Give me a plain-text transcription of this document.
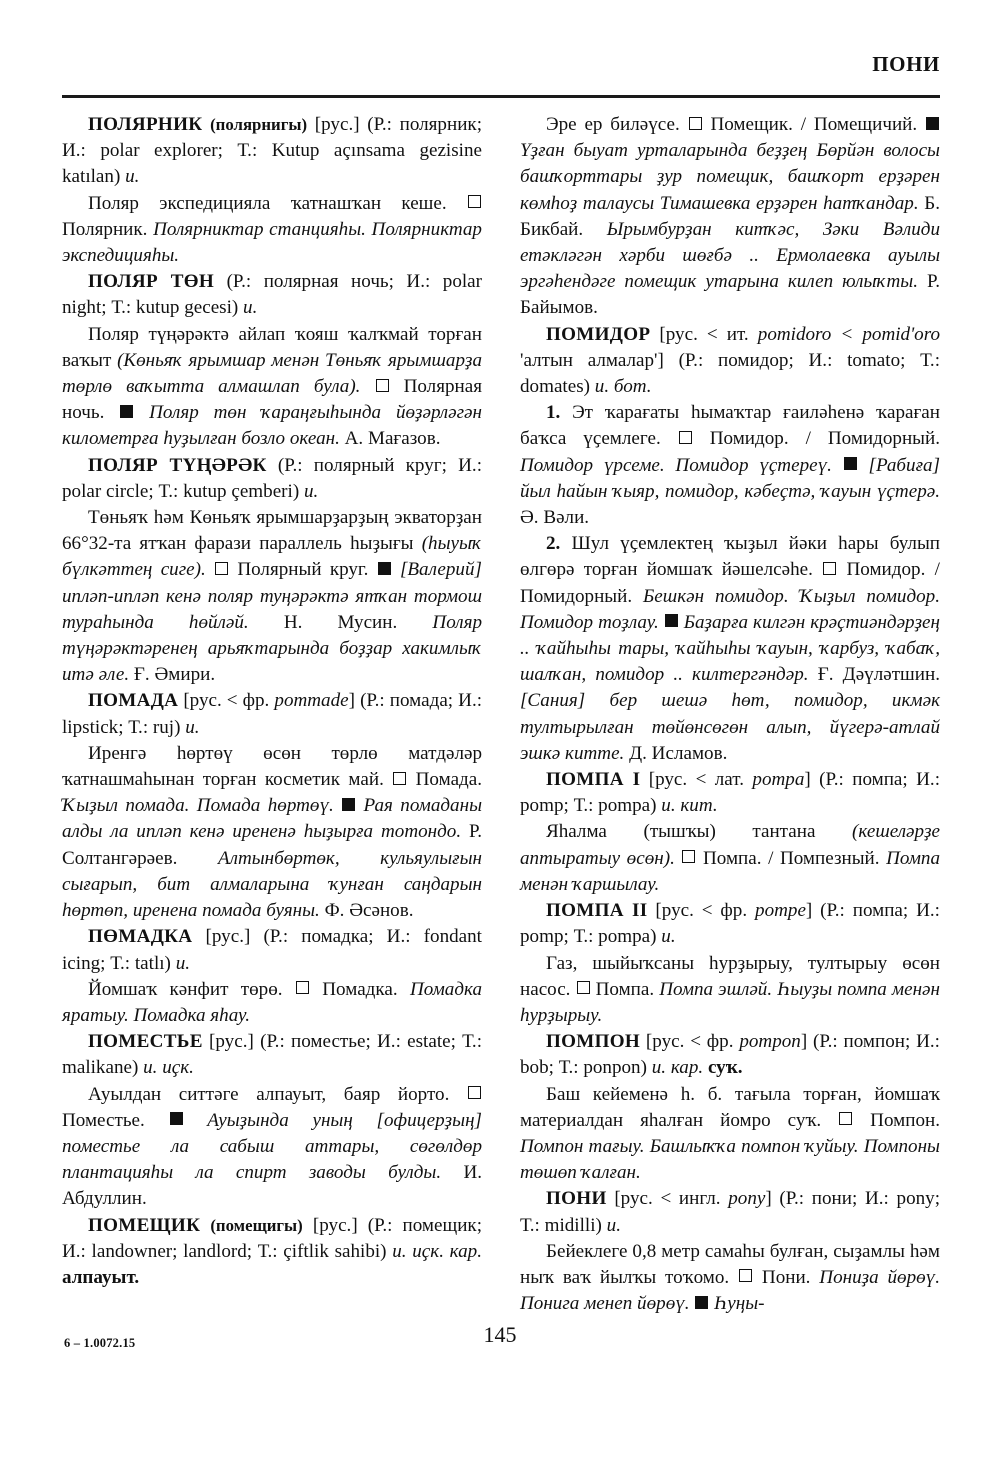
ПОНИ

ПОЛЯРНИК (полярнигы) [рус.] (Р.: полярник; И.: polar explorer; Т.: Kutup açınsama gezisine katılan) и.

Поляр экспедицияла ҡатнашҡан кеше.  Полярник. Полярниктар станцияһы. Полярниктар экспедицияһы.

ПОЛЯР ТӨН (Р.: полярная ночь; И.: polar night; Т.: kutup gecesi) и.

Поляр түңәрәктә айлап ҡояш ҡалҡмай торған ваҡыт (Көньяҡ ярымшар менән Төньяҡ ярымшарҙа төрлө ваҡытта алмашлап була). Полярная ночь. Поляр төн ҡараңғыһында йөҙәрләгән километрға һуҙылған бозло океан. А. Мағазов.

ПОЛЯР ТҮҢӘРӘК (Р.: полярный круг; И.: polar circle; Т.: kutup çemberi) и.

Төньяҡ һәм Көньяҡ ярымшарҙарҙың экваторҙан 66°32-та ятҡан фарази параллель һыҙығы (һыуыҡ бүлкәттең сиге). Полярный круг. [Валерий] ипләп-ипләп кенә поляр туңәрәктә ятҡан тормош тураһында һөйләй. Н. Мусин. Поляр түңәрәктәренең арьяҡтарында боҙҙар хакимлыҡ итә әле. Ғ. Әмири.

ПОМАДА [рус. < фр. pommade] (Р.: помада; И.: lipstick; Т.: ruj) и.

Иренгә һөртөү өсөн төрлө матдәләр ҡатнашмаһынан торған косметик май. Помада. Ҡыҙыл помада. Помада һөртөү. Рая помаданы алды ла ипләп кенә ирененә һыҙырға тотондо. Р. Солтангәрәев. Алтынбөртөк, кульяулығын сығарып, бит алмаларына ҡунған саңдарын һөртөп, иренена помада буяны. Ф. Әсәнов.

ПӨМАДКА [рус.] (Р.: помадка; И.: fondant icing; Т.: tatlı) и.

Йомшаҡ кәнфит төрө. Помадка. Помадка яратыу. Помадка яһау.

ПОМЕСТЬЕ [рус.] (Р.: поместье; И.: estate; Т.: malikane) и. иҫк.

Ауылдан ситтәге алпауыт, баяр йорто.  Поместье.	Ауыҙында уның [офицерҙың] поместье ла сабыш аттары, сөгөлдөр плантацияһы ла спирт заводы булды. И. Абдуллин.

ПОМЕЩИК (помещигы) [рус.] (Р.: помещик; И.: landowner; landlord; Т.: çiftlik sahibi) и. иҫк. кар. алпауыт.

Эре ер биләүсе. Помещик. / Помещичий.  Үҙған быуат урталарында беҙҙең Бөрйән волосы башҡорттары ҙур помещик, башҡорт ерҙәрен көмһоҙ талаусы Тимашевка ерҙәрен һатҡандар. Б. Бикбай. Ырымбурҙан китҡәс, Зәки Вәлиди етәкләгән хәрби шөғбә .. Ермолаевка ауылы эргәһендәге помещик утарына килеп юлыҡты. Р. Байымов.

ПОМИДОР [рус. < ит. pomidoro < pomid'oro 'алтын алмалар'] (Р.: помидор; И.: tomato; Т.: domates) и. бот.

1. Эт ҡарағаты һымаҡтар ғаиләһенә ҡараған баҡса үҫемлеге.	Помидор. / Помидорный. Помидор үрсеме. Помидор үҫтереү. [Рабиға] йыл һайын ҡыяр, помидор, кәбеҫтә, ҡауын үҫтерә. Ә. Вәли.

2. Шул үҫемлектең ҡыҙыл йәки һары булып өлгөрә торған йомшаҡ йәшелсәһе. Помидор. / Помидорный. Бешкән помидор. Ҡыҙыл помидор. Помидор тоҙлау. Баҙарға килгән крәҫтиәндәрҙең .. ҡайһыһы тары, ҡайһыһы ҡауын, ҡарбуз, ҡабаҡ, шалҡан, помидор .. килтергәндәр. Ғ. Дәүләтшин. [Сания] бер шешә һөт, помидор, икмәк тултырылған төйөнсөгөн алып, йүгерә-атлай эшкә китте. Д. Исламов.

ПОМПА I [рус. < лат. pompa] (Р.: помпа; И.: pomp; Т.: pompa) и. кит.

Яһалма (тышҡы) тантана (кешеләрҙе аптыратыу өсөн). Помпа. / Помпезный. Помпа менән ҡаршылау.

ПОМПА II [рус. < фр. pompe] (Р.: помпа; И.: pomp; Т.: pompa) и.

Газ, шыйыҡсаны һурҙырыу, тултырыу өсөн насос. Помпа. Помпа эшләй. Һыуҙы помпа менән һурҙырыу.

ПОМПОН [рус. < фр. pompon] (Р.: помпон; И.: bob; Т.: ponpon) и. кар. суҡ.

Баш кейеменә һ. б. тағыла торған, йомшаҡ материалдан яһалған йомро суҡ.	Помпон. Помпон тағыу. Башлыҡҡа помпон ҡуйыу. Помпоны төшөп ҡалған.

ПОНИ [рус. < ингл. pony] (Р.: пони; И.: pony; Т.: midilli) и.

Бейеклеге 0,8 метр самаһы булған, сыҙамлы һәм ныҡ ваҡ йылҡы тоҡомо. Пони. Пониҙа йөрөү. Понига менеп йөрөү. Һуңы-

6 – 1.0072.15	145
